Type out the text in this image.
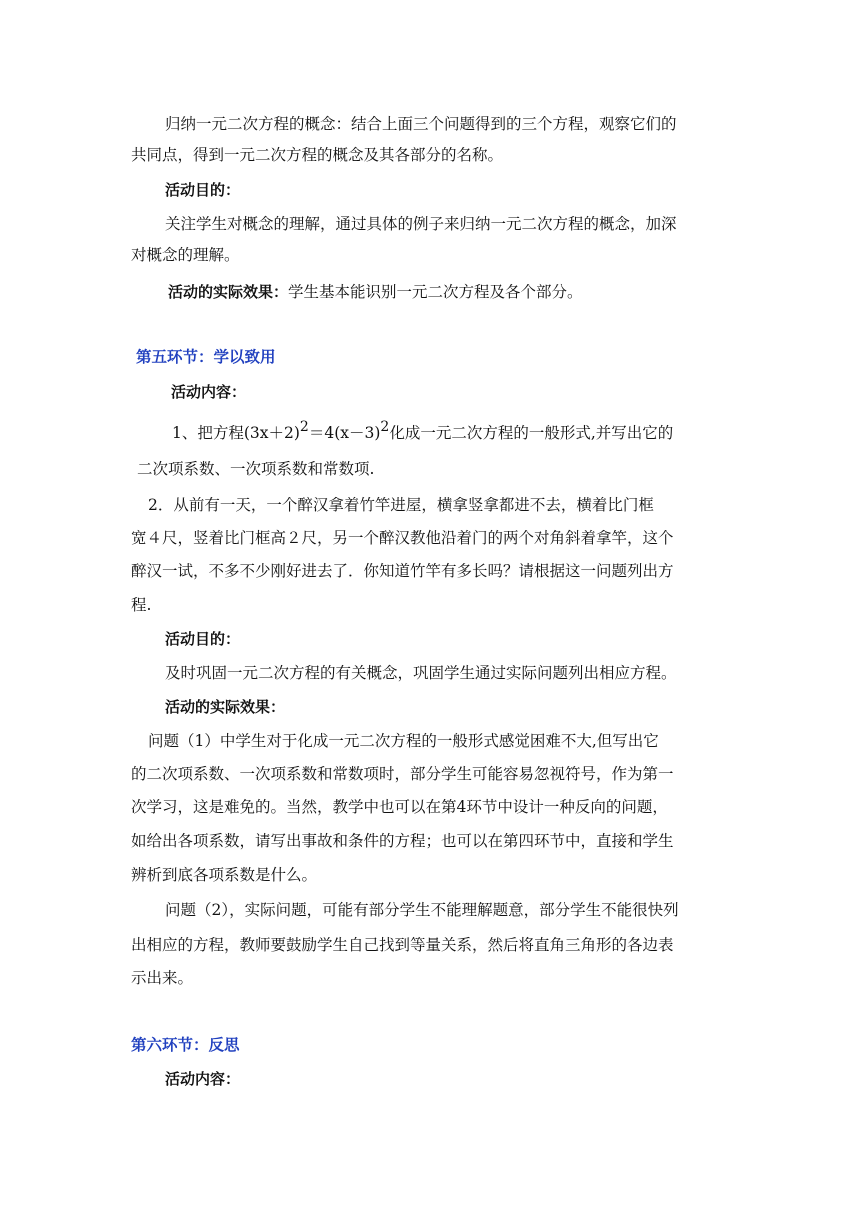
归纳一元二次方程的概念：结合上面三个问题得到的三个方程，观察它们的
共同点，得到一元二次方程的概念及其各部分的名称。
活动目的：
关注学生对概念的理解，通过具体的例子来归纳一元二次方程的概念，加深
对概念的理解。
活动的实际效果：学生基本能识别一元二次方程及各个部分。
第五环节：学以致用
活动内容：
1、把方程(3x＋2)2＝4(x－3)2化成一元二次方程的一般形式,并写出它的
二次项系数、一次项系数和常数项.
2．从前有一天，一个醉汉拿着竹竿进屋，横拿竖拿都进不去，横着比门框
宽４尺，竖着比门框高２尺，另一个醉汉教他沿着门的两个对角斜着拿竿，这个
醉汉一试，不多不少刚好进去了．你知道竹竿有多长吗？请根据这一问题列出方
程.
活动目的：
及时巩固一元二次方程的有关概念，巩固学生通过实际问题列出相应方程。
活动的实际效果：
问题（1）中学生对于化成一元二次方程的一般形式感觉困难不大,但写出它
的二次项系数、一次项系数和常数项时，部分学生可能容易忽视符号，作为第一
次学习，这是难免的。当然，教学中也可以在第4环节中设计一种反向的问题，
如给出各项系数，请写出事故和条件的方程；也可以在第四环节中，直接和学生
辨析到底各项系数是什么。
问题（2），实际问题，可能有部分学生不能理解题意，部分学生不能很快列
出相应的方程，教师要鼓励学生自己找到等量关系，然后将直角三角形的各边表
示出来。
第六环节：反思
活动内容：
